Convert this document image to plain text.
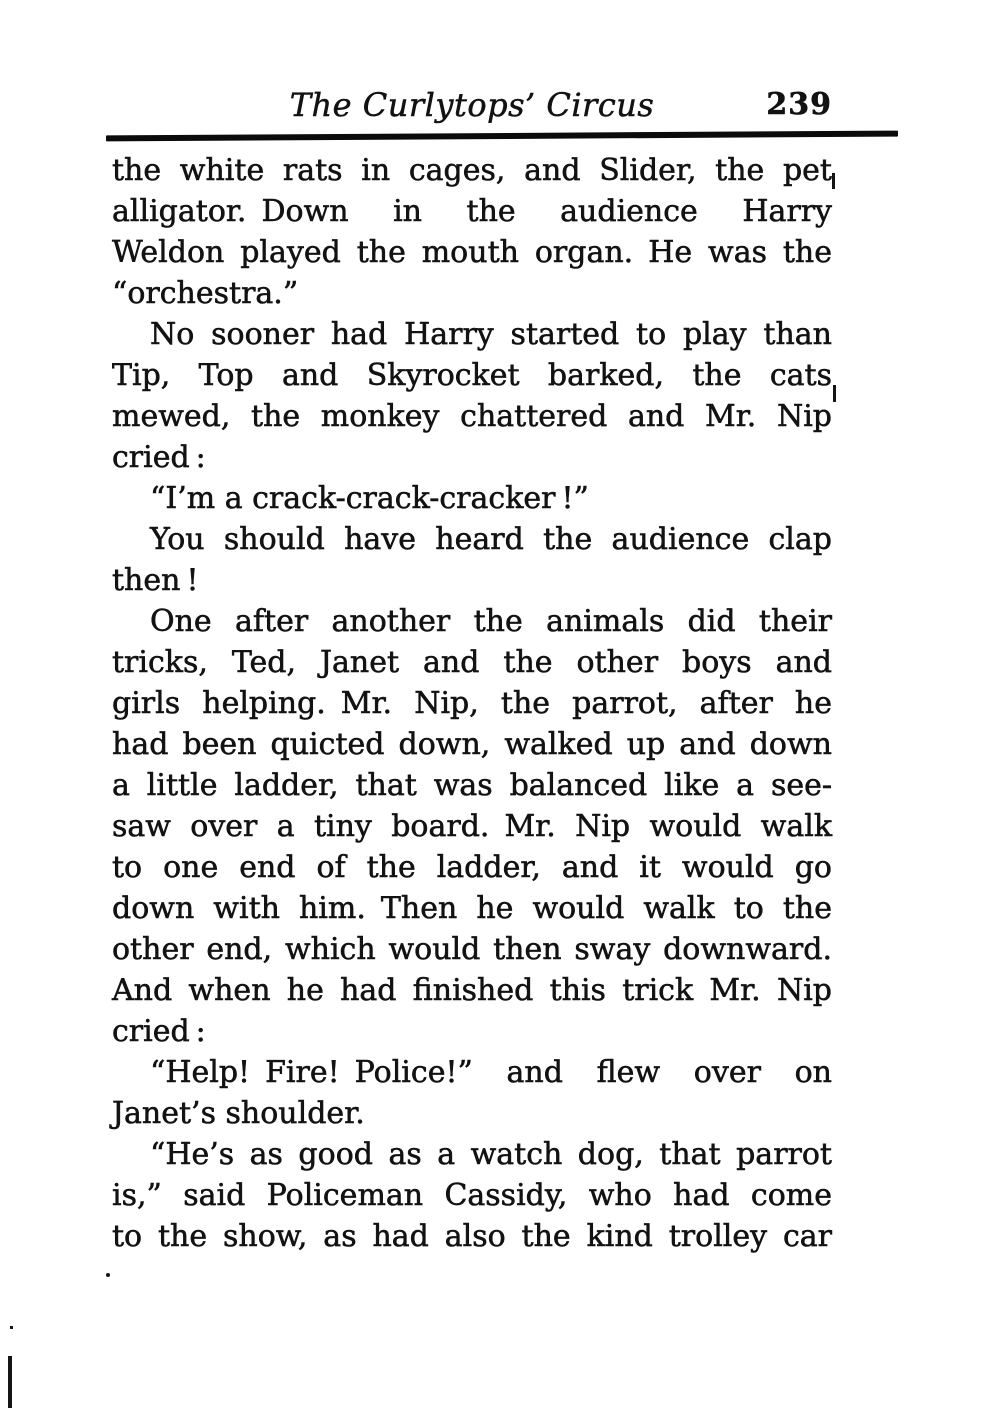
The Curlytops’ Circus	239
the white rats in cages, and Slider, the pet
alligator. Down in the audience Harry
Weldon played the mouth organ. He was the
“orchestra.”
No sooner had Harry started to play than
Tip, Top and Skyrocket barked, the cats
mewed, the monkey chattered and Mr. Nip
cried :
“I’m a crack-crack-cracker !”
You should have heard the audience clap
then !
One after another the animals did their
tricks, Ted, Janet and the other boys and
girls helping. Mr. Nip, the parrot, after he
had been quicted down, walked up and down
a little ladder, that was balanced like a see-
saw over a tiny board. Mr. Nip would walk
to one end of the ladder, and it would go
down with him. Then he would walk to the
other end, which would then sway downward.
And when he had finished this trick Mr. Nip
cried :
“Help! Fire! Police!” and flew over on
Janet’s shoulder.
“He’s as good as a watch dog, that parrot
is,” said Policeman Cassidy, who had come
to the show, as had also the kind trolley car
